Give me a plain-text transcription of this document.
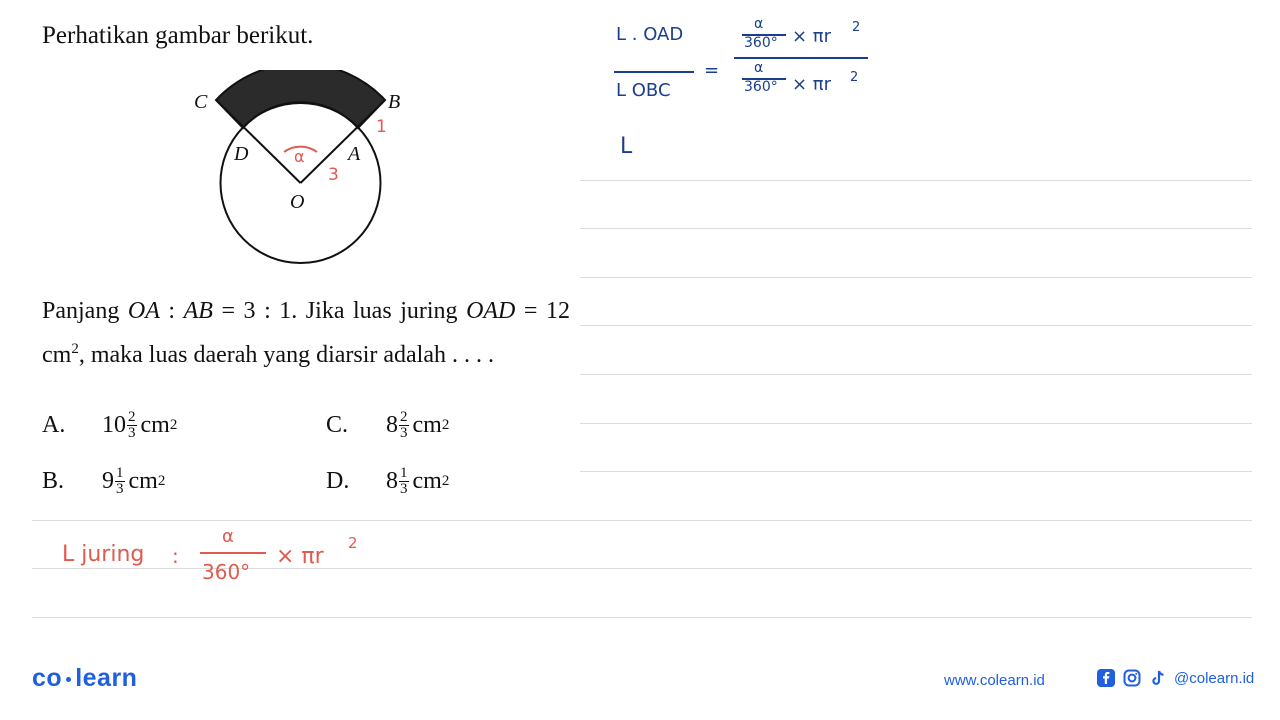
Perhatikan gambar berikut.
C	B
D	A
O
α
3
1
Panjang OA : AB = 3 : 1. Jika luas juring OAD = 12 $cm^2$, maka luas daerah yang diarsir adalah . . . .
A.	$10 \frac{2}{3}$ cm 2	C.	$8 \frac{2}{3}$ cm 2
B.	$9 \frac{1}{3}$ cm 2	D.	$8 \frac{1}{3}$ cm 2
L . OAD
L OBC
=
α
360° × πr 2
α
360° × πr 2
L
L juring :
α
360°
× πr
2
co learn	www.colearn.id	@colearn.id
